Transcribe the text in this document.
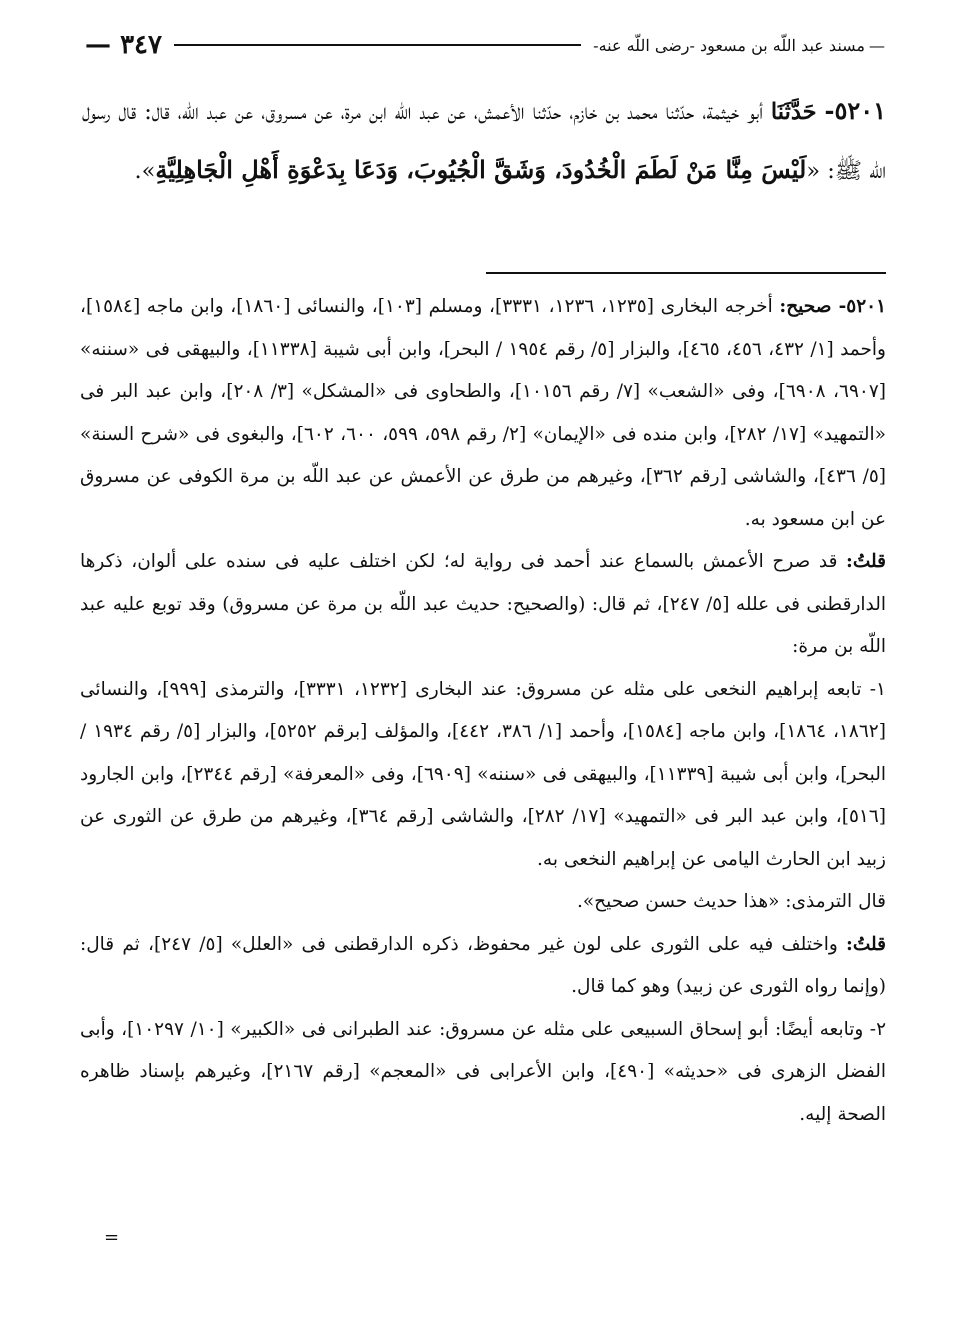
—
مسند عبد اللّه بن مسعود -رضى اللّه عنه-
٣٤٧ —
٥٢٠١- حَدَّثَنَا أبو خيثمة، حدّثنا محمد بن خازم، حدّثنا الأعمش، عن عبد اللّه ابن مرة، عن مسروق، عن عبد اللّه، قال: قال رسول اللّه ﷺ: «لَيْسَ مِنَّا مَنْ لَطَمَ الْخُدُودَ، وَشَقَّ الْجُيُوبَ، وَدَعَا بِدَعْوَةِ أَهْلِ الْجَاهِلِيَّةِ».

٥٢٠١- صحيح: أخرجه البخارى [١٢٣٥، ١٢٣٦، ٣٣٣١]، ومسلم [١٠٣]، والنسائى [١٨٦٠]، وابن ماجه [١٥٨٤]، وأحمد [١/ ٤٣٢، ٤٥٦، ٤٦٥]، والبزار [٥/ رقم ١٩٥٤ / البحر]، وابن أبى شيبة [١١٣٣٨]، والبيهقى فى «سننه» [٦٩٠٧، ٦٩٠٨]، وفى «الشعب» [٧/ رقم ١٠١٥٦]، والطحاوى فى «المشكل» [٣/ ٢٠٨]، وابن عبد البر فى «التمهيد» [١٧/ ٢٨٢]، وابن منده فى «الإيمان» [٢/ رقم ٥٩٨، ٥٩٩، ٦٠٠، ٦٠٢]، والبغوى فى «شرح السنة» [٥/ ٤٣٦]، والشاشى [رقم ٣٦٢]، وغيرهم من طرق عن الأعمش عن عبد اللّه بن مرة الكوفى عن مسروق عن ابن مسعود به.

قلتُ: قد صرح الأعمش بالسماع عند أحمد فى رواية له؛ لكن اختلف عليه فى سنده على ألوان، ذكرها الدارقطنى فى علله [٥/ ٢٤٧]، ثم قال: (والصحيح: حديث عبد اللّه بن مرة عن مسروق) وقد توبع عليه عبد اللّه بن مرة:

١- تابعه إبراهيم النخعى على مثله عن مسروق: عند البخارى [١٢٣٢، ٣٣٣١]، والترمذى [٩٩٩]، والنسائى [١٨٦٢، ١٨٦٤]، وابن ماجه [١٥٨٤]، وأحمد [١/ ٣٨٦، ٤٤٢]، والمؤلف [برقم ٥٢٥٢]، والبزار [٥/ رقم ١٩٣٤ / البحر]، وابن أبى شيبة [١١٣٣٩]، والبيهقى فى «سننه» [٦٩٠٩]، وفى «المعرفة» [رقم ٢٣٤٤]، وابن الجارود [٥١٦]، وابن عبد البر فى «التمهيد» [١٧/ ٢٨٢]، والشاشى [رقم ٣٦٤]، وغيرهم من طرق عن الثورى عن زبيد ابن الحارث اليامى عن إبراهيم النخعى به.

قال الترمذى: «هذا حديث حسن صحيح».

قلتُ: واختلف فيه على الثورى على لون غير محفوظ، ذكره الدارقطنى فى «العلل» [٥/ ٢٤٧]، ثم قال: (وإنما رواه الثورى عن زبيد) وهو كما قال.

٢- وتابعه أيضًا: أبو إسحاق السبيعى على مثله عن مسروق: عند الطبرانى فى «الكبير» [١٠/ ١٠٢٩٧]، وأبى الفضل الزهرى فى «حديثه» [٤٩٠]، وابن الأعرابى فى «المعجم» [رقم ٢١٦٧]، وغيرهم بإسناد ظاهره الصحة إليه.

=
